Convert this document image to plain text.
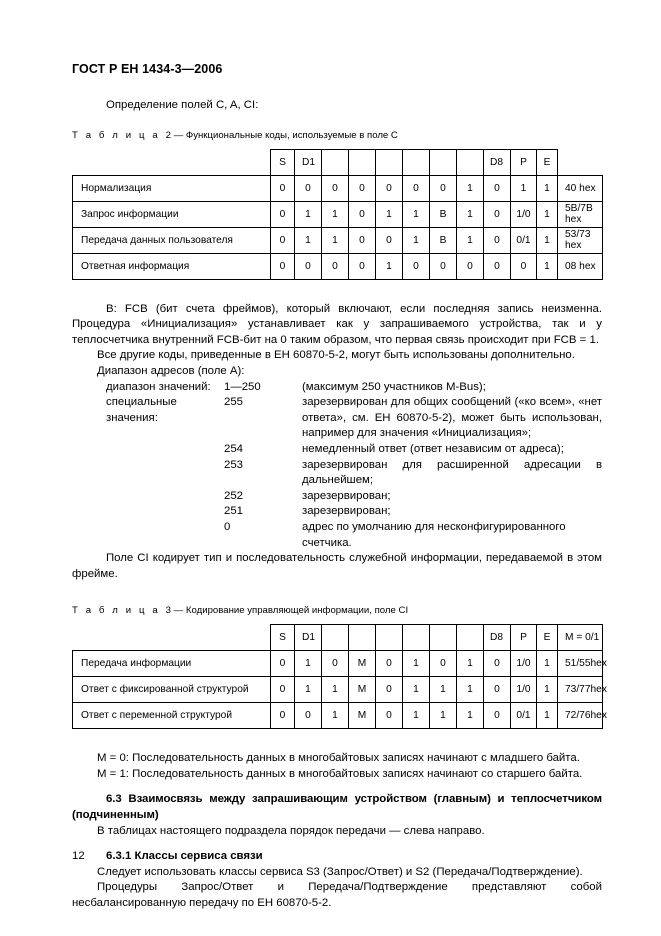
ГОСТ Р ЕН 1434-3—2006

Определение полей C, A, CI:

Т а б л и ц а 2 — Функциональные коды, используемые в поле C
	S	D1							D8	P	E	
Нормализация	0	0	0	0	0	0	0	1	0	1	1	40 hex
Запрос информации	0	1	1	0	1	1	B	1	0	1/0	1	5B/7B hex
Передача данных пользователя	0	1	1	0	0	1	B	1	0	0/1	1	53/73 hex
Ответная информация	0	0	0	0	1	0	0	0	0	0	1	08 hex

B: FCB (бит счета фреймов), который включают, если последняя запись неизменна. Процедура «Инициализация» устанавливает как у запрашиваемого устройства, так и у теплосчетчика внутренний FCB-бит на 0 таким образом, что первая связь происходит при FCB = 1.

Все другие коды, приведенные в ЕН 60870-5-2, могут быть использованы дополнительно.

Диапазон адресов (поле A):

диапазон значений:	1—250	(максимум 250 участников M-Bus);
специальные значения:
255	зарезервирован для общих сообщений («ко всем», «нет ответа», см. ЕН 60870-5-2), может быть использован, например для значения «Инициализация»;
254	немедленный ответ (ответ независим от адреса);
253	зарезервирован для расширенной адресации в дальнейшем;
252	зарезервирован;
251	зарезервирован;
0	адрес по умолчанию для несконфигурированного счетчика.

Поле CI кодирует тип и последовательность служебной информации, передаваемой в этом фрейме.

Т а б л и ц а 3 — Кодирование управляющей информации, поле CI
	S	D1							D8	P	E	M = 0/1
Передача информации	0	1	0	M	0	1	0	1	0	1/0	1	51/55hex
Ответ с фиксированной структурой	0	1	1	M	0	1	1	1	0	1/0	1	73/77hex
Ответ с переменной структурой	0	0	1	M	0	1	1	1	0	0/1	1	72/76hex

M = 0: Последовательность данных в многобайтовых записях начинают с младшего байта.

M = 1: Последовательность данных в многобайтовых записях начинают со старшего байта.

6.3 Взаимосвязь между запрашивающим устройством (главным) и теплосчетчиком (подчиненным)

В таблицах настоящего подраздела порядок передачи — слева направо.

6.3.1 Классы сервиса связи

Следует использовать классы сервиса S3 (Запрос/Ответ) и S2 (Передача/Подтверждение).

Процедуры Запрос/Ответ и Передача/Подтверждение представляют собой несбалансированную передачу по ЕН 60870-5-2.

12
